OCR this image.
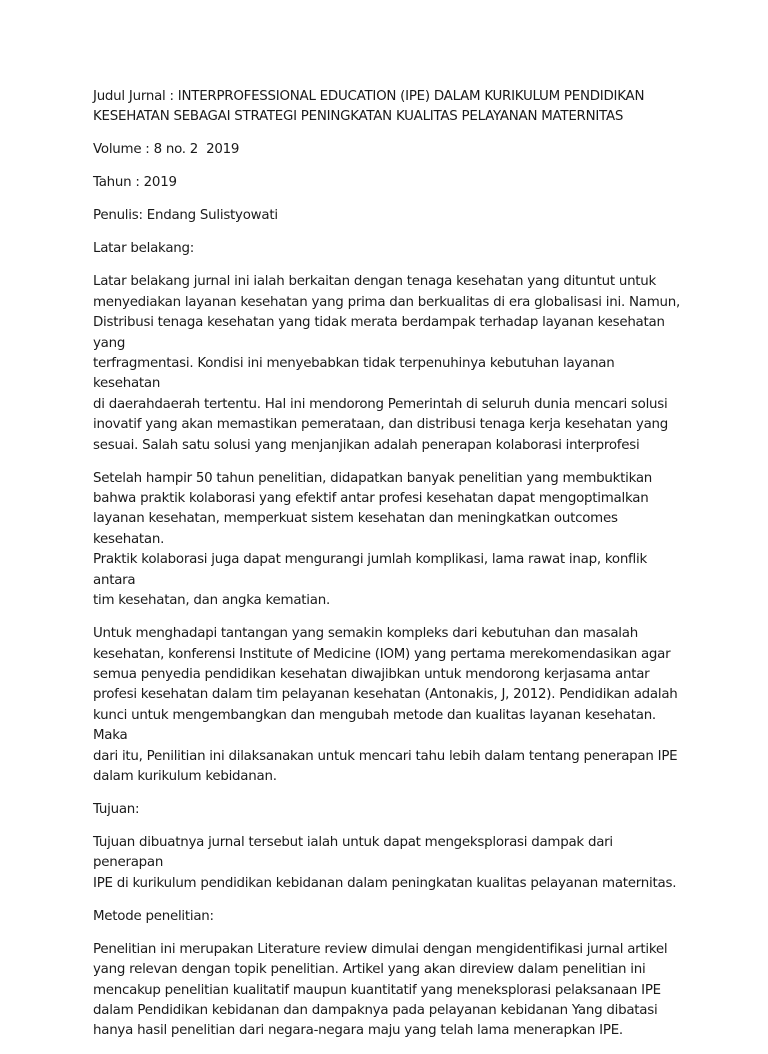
Judul Jurnal : INTERPROFESSIONAL EDUCATION (IPE) DALAM KURIKULUM PENDIDIKAN
KESEHATAN SEBAGAI STRATEGI PENINGKATAN KUALITAS PELAYANAN MATERNITAS

Volume : 8 no. 2  2019

Tahun : 2019

Penulis: Endang Sulistyowati

Latar belakang:

Latar belakang jurnal ini ialah berkaitan dengan tenaga kesehatan yang dituntut untuk
menyediakan layanan kesehatan yang prima dan berkualitas di era globalisasi ini. Namun,
Distribusi tenaga kesehatan yang tidak merata berdampak terhadap layanan kesehatan yang
terfragmentasi. Kondisi ini menyebabkan tidak terpenuhinya kebutuhan layanan kesehatan
di daerahdaerah tertentu. Hal ini mendorong Pemerintah di seluruh dunia mencari solusi
inovatif yang akan memastikan pemerataan, dan distribusi tenaga kerja kesehatan yang
sesuai. Salah satu solusi yang menjanjikan adalah penerapan kolaborasi interprofesi

Setelah hampir 50 tahun penelitian, didapatkan banyak penelitian yang membuktikan
bahwa praktik kolaborasi yang efektif antar profesi kesehatan dapat mengoptimalkan
layanan kesehatan, memperkuat sistem kesehatan dan meningkatkan outcomes kesehatan.
Praktik kolaborasi juga dapat mengurangi jumlah komplikasi, lama rawat inap, konflik antara
tim kesehatan, dan angka kematian.

Untuk menghadapi tantangan yang semakin kompleks dari kebutuhan dan masalah
kesehatan, konferensi Institute of Medicine (IOM) yang pertama merekomendasikan agar
semua penyedia pendidikan kesehatan diwajibkan untuk mendorong kerjasama antar
profesi kesehatan dalam tim pelayanan kesehatan (Antonakis, J, 2012). Pendidikan adalah
kunci untuk mengembangkan dan mengubah metode dan kualitas layanan kesehatan. Maka
dari itu, Penilitian ini dilaksanakan untuk mencari tahu lebih dalam tentang penerapan IPE
dalam kurikulum kebidanan.

Tujuan:

Tujuan dibuatnya jurnal tersebut ialah untuk dapat mengeksplorasi dampak dari penerapan
IPE di kurikulum pendidikan kebidanan dalam peningkatan kualitas pelayanan maternitas.

Metode penelitian:

Penelitian ini merupakan Literature review dimulai dengan mengidentifikasi jurnal artikel
yang relevan dengan topik penelitian. Artikel yang akan direview dalam penelitian ini
mencakup penelitian kualitatif maupun kuantitatif yang meneksplorasi pelaksanaan IPE
dalam Pendidikan kebidanan dan dampaknya pada pelayanan kebidanan Yang dibatasi
hanya hasil penelitian dari negara-negara maju yang telah lama menerapkan IPE.
